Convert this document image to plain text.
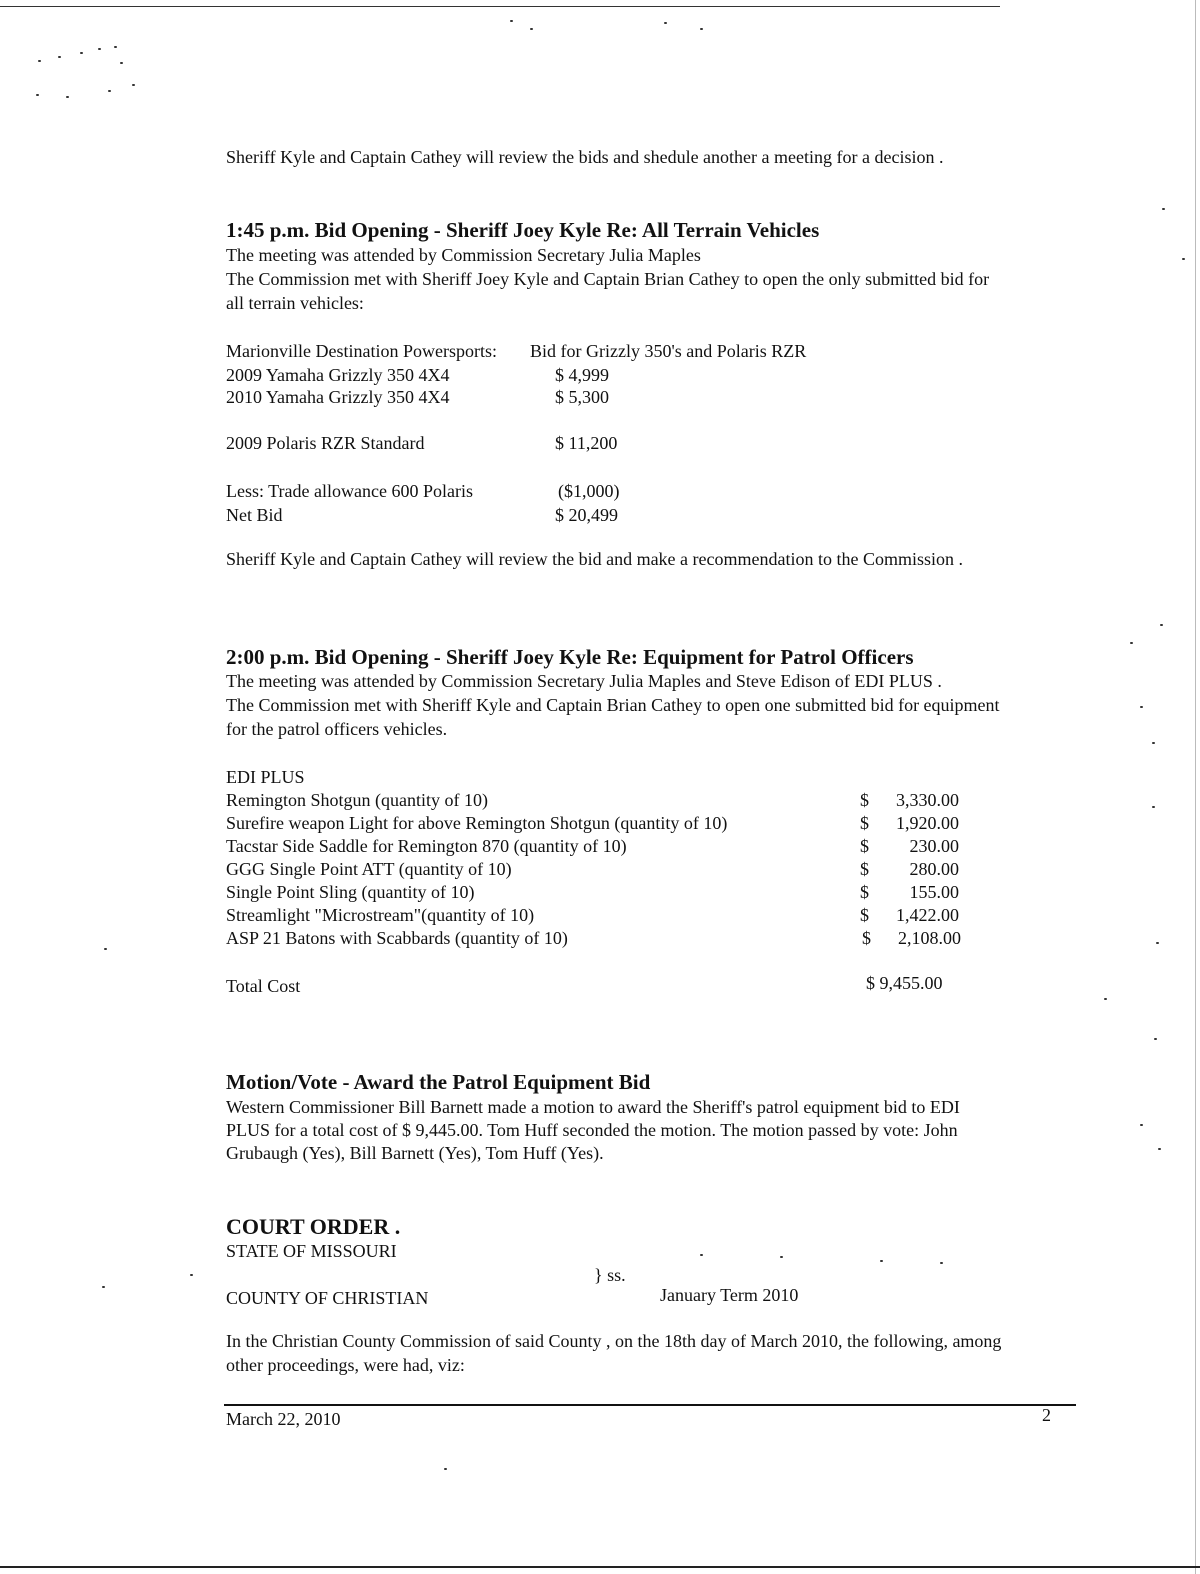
Sheriff Kyle and Captain Cathey will review the bids and shedule another a meeting for a decision .
1:45 p.m. Bid Opening - Sheriff Joey Kyle Re: All Terrain Vehicles
The meeting was attended by Commission Secretary Julia Maples
The Commission met with Sheriff Joey Kyle and Captain Brian Cathey to open the only submitted bid for
all terrain vehicles:
Marionville Destination Powersports: Bid for Grizzly 350's and Polaris RZR
2009 Yamaha Grizzly 350 4X4	$ 4,999
2010 Yamaha Grizzly 350 4X4	$ 5,300
2009 Polaris RZR Standard	$ 11,200
Less: Trade allowance 600 Polaris	($1,000)
Net Bid	$ 20,499
Sheriff Kyle and Captain Cathey will review the bid and make a recommendation to the Commission .
2:00 p.m. Bid Opening - Sheriff Joey Kyle Re: Equipment for Patrol Officers
The meeting was attended by Commission Secretary Julia Maples and Steve Edison of EDI PLUS .
The Commission met with Sheriff Kyle and Captain Brian Cathey to open one submitted bid for equipment
for the patrol officers vehicles.
EDI PLUS
Remington Shotgun (quantity of 10)	$ 3,330.00
Surefire weapon Light for above Remington Shotgun (quantity of 10)	$ 1,920.00
Tacstar Side Saddle for Remington 870 (quantity of 10)	$ 230.00
GGG Single Point ATT (quantity of 10)	$ 280.00
Single Point Sling (quantity of 10)	$ 155.00
Streamlight "Microstream"(quantity of 10)	$ 1,422.00
ASP 21 Batons with Scabbards (quantity of 10)	$ 2,108.00
Total Cost	$ 9,455.00
Motion/Vote - Award the Patrol Equipment Bid
Western Commissioner Bill Barnett made a motion to award the Sheriff's patrol equipment bid to EDI
PLUS for a total cost of $ 9,445.00. Tom Huff seconded the motion. The motion passed by vote: John
Grubaugh (Yes), Bill Barnett (Yes), Tom Huff (Yes).
COURT ORDER .
STATE OF MISSOURI
} ss.
COUNTY OF CHRISTIAN	January Term 2010
In the Christian County Commission of said County , on the 18th day of March 2010, the following, among
other proceedings, were had, viz:
March 22, 2010	2
